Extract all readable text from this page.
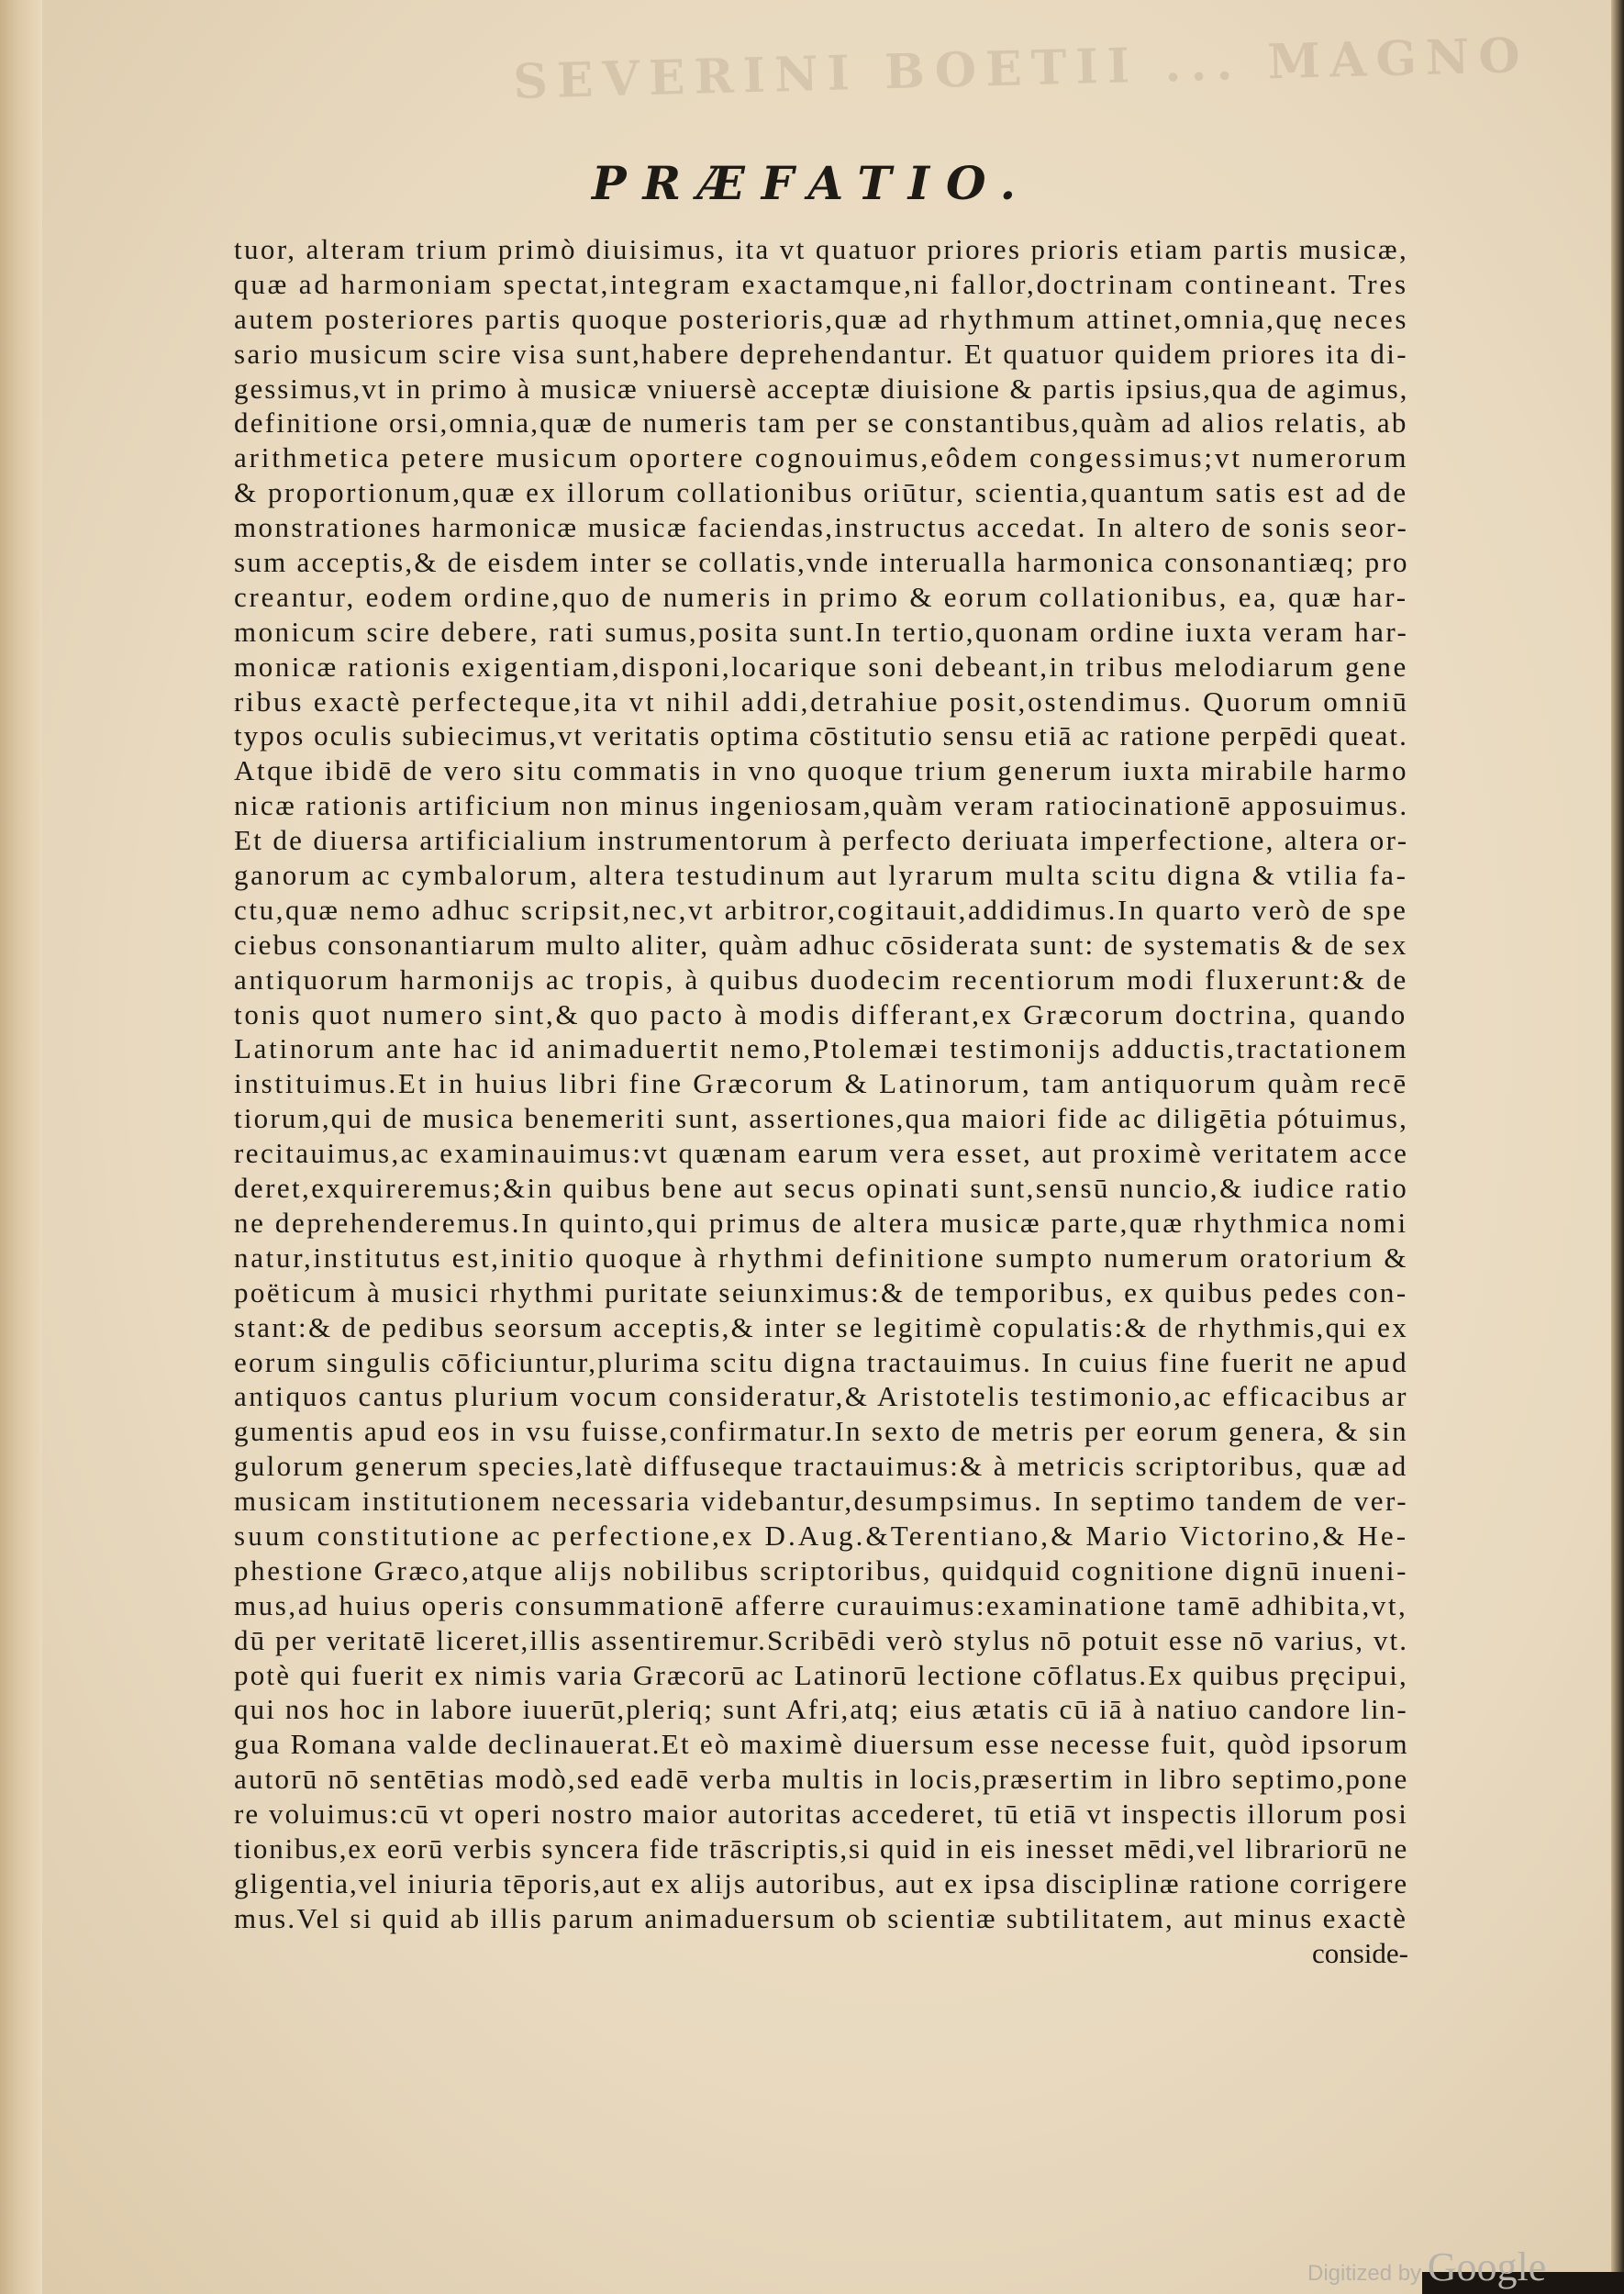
SEVERINI BOETII ... MAGNO
PRÆFATIO.
tuor, alteram trium primò diuisimus, ita vt quatuor priores prioris etiam partis musicæ,
quæ ad harmoniam spectat,integram exactamque,ni fallor,doctrinam contineant. Tres
autem posteriores partis quoque posterioris,quæ ad rhythmum attinet,omnia,quę neces
sario musicum scire visa sunt,habere deprehendantur. Et quatuor quidem priores ita di-
gessimus,vt in primo à musicæ vniuersè acceptæ diuisione & partis ipsius,qua de agimus,
definitione orsi,omnia,quæ de numeris tam per se constantibus,quàm ad alios relatis, ab
arithmetica petere musicum oportere cognouimus,eôdem congessimus;vt numerorum
& proportionum,quæ ex illorum collationibus oriūtur, scientia,quantum satis est ad de
monstrationes harmonicæ musicæ faciendas,instructus accedat. In altero de sonis seor-
sum acceptis,& de eisdem inter se collatis,vnde interualla harmonica consonantiæq; pro
creantur, eodem ordine,quo de numeris in primo & eorum collationibus, ea, quæ har-
monicum scire debere, rati sumus,posita sunt.In tertio,quonam ordine iuxta veram har-
monicæ rationis exigentiam,disponi,locarique soni debeant,in tribus melodiarum gene
ribus exactè perfecteque,ita vt nihil addi,detrahiue posit,ostendimus. Quorum omniū
typos oculis subiecimus,vt veritatis optima cōstitutio sensu etiā ac ratione perpēdi queat.
Atque ibidē de vero situ commatis in vno quoque trium generum iuxta mirabile harmo
nicæ rationis artificium non minus ingeniosam,quàm veram ratiocinationē apposuimus.
Et de diuersa artificialium instrumentorum à perfecto deriuata imperfectione, altera or-
ganorum ac cymbalorum, altera testudinum aut lyrarum multa scitu digna & vtilia fa-
ctu,quæ nemo adhuc scripsit,nec,vt arbitror,cogitauit,addidimus.In quarto verò de spe
ciebus consonantiarum multo aliter, quàm adhuc cōsiderata sunt: de systematis & de sex
antiquorum harmonijs ac tropis, à quibus duodecim recentiorum modi fluxerunt:& de
tonis quot numero sint,& quo pacto à modis differant,ex Græcorum doctrina, quando
Latinorum ante hac id animaduertit nemo,Ptolemæi testimonijs adductis,tractationem
instituimus.Et in huius libri fine Græcorum & Latinorum, tam antiquorum quàm recē
tiorum,qui de musica benemeriti sunt, assertiones,qua maiori fide ac diligētia pótuimus,
recitauimus,ac examinauimus:vt quænam earum vera esset, aut proximè veritatem acce
deret,exquireremus;&in quibus bene aut secus opinati sunt,sensū nuncio,& iudice ratio
ne deprehenderemus.In quinto,qui primus de altera musicæ parte,quæ rhythmica nomi
natur,institutus est,initio quoque à rhythmi definitione sumpto numerum oratorium &
poëticum à musici rhythmi puritate seiunximus:& de temporibus, ex quibus pedes con-
stant:& de pedibus seorsum acceptis,& inter se legitimè copulatis:& de rhythmis,qui ex
eorum singulis cōficiuntur,plurima scitu digna tractauimus. In cuius fine fuerit ne apud
antiquos cantus plurium vocum consideratur,& Aristotelis testimonio,ac efficacibus ar
gumentis apud eos in vsu fuisse,confirmatur.In sexto de metris per eorum genera, & sin
gulorum generum species,latè diffuseque tractauimus:& à metricis scriptoribus, quæ ad
musicam institutionem necessaria videbantur,desumpsimus. In septimo tandem de ver-
suum constitutione ac perfectione,ex D.Aug.&Terentiano,& Mario Victorino,& He-
phestione Græco,atque alijs nobilibus scriptoribus, quidquid cognitione dignū inueni-
mus,ad huius operis consummationē afferre curauimus:examinatione tamē adhibita,vt,
dū per veritatē liceret,illis assentiremur.Scribēdi verò stylus nō potuit esse nō varius, vt.
potè qui fuerit ex nimis varia Græcorū ac Latinorū lectione cōflatus.Ex quibus pręcipui,
qui nos hoc in labore iuuerūt,pleriq; sunt Afri,atq; eius ætatis cū iā à natiuo candore lin-
gua Romana valde declinauerat.Et eò maximè diuersum esse necesse fuit, quòd ipsorum
autorū nō sentētias modò,sed eadē verba multis in locis,præsertim in libro septimo,pone
re voluimus:cū vt operi nostro maior autoritas accederet, tū etiā vt inspectis illorum posi
tionibus,ex eorū verbis syncera fide trāscriptis,si quid in eis inesset mēdi,vel librariorū ne
gligentia,vel iniuria tēporis,aut ex alijs autoribus, aut ex ipsa disciplinæ ratione corrigere
mus.Vel si quid ab illis parum animaduersum ob scientiæ subtilitatem, aut minus exactè
conside-
Digitized by Google
